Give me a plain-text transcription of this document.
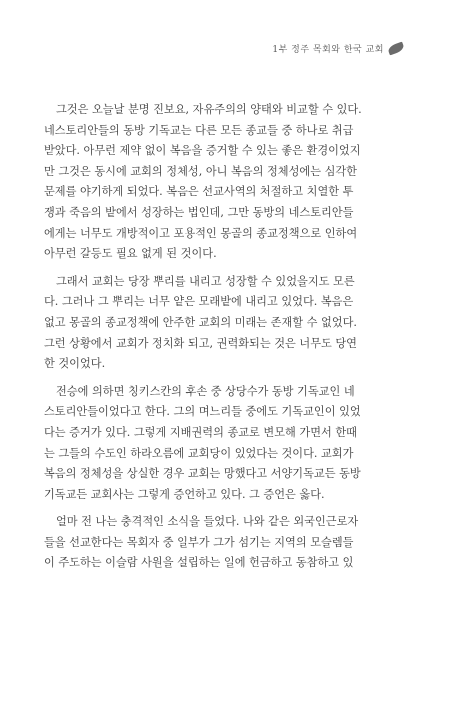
1부 정주 목회와 한국 교회
그것은 오늘날 분명 진보요, 자유주의의 양태와 비교할 수 있다.
네스토리안들의 동방 기독교는 다른 모든 종교들 중 하나로 취급
받았다. 아무런 제약 없이 복음을 증거할 수 있는 좋은 환경이었지
만 그것은 동시에 교회의 정체성, 아니 복음의 정체성에는 심각한
문제를 야기하게 되었다. 복음은 선교사역의 처절하고 치열한 투
쟁과 죽음의 밭에서 성장하는 법인데, 그만 동방의 네스토리안들
에게는 너무도 개방적이고 포용적인 몽골의 종교정책으로 인하여
아무런 갈등도 필요 없게 된 것이다.
그래서 교회는 당장 뿌리를 내리고 성장할 수 있었을지도 모른
다. 그러나 그 뿌리는 너무 얕은 모래밭에 내리고 있었다. 복음은
없고 몽골의 종교정책에 안주한 교회의 미래는 존재할 수 없었다.
그런 상황에서 교회가 정치화 되고, 권력화되는 것은 너무도 당연
한 것이었다.
전승에 의하면 칭키스칸의 후손 중 상당수가 동방 기독교인 네
스토리안들이었다고 한다. 그의 며느리들 중에도 기독교인이 있었
다는 증거가 있다. 그렇게 지배권력의 종교로 변모해 가면서 한때
는 그들의 수도인 하라오름에 교회당이 있었다는 것이다. 교회가
복음의 정체성을 상실한 경우 교회는 망했다고 서양기독교든 동방
기독교든 교회사는 그렇게 증언하고 있다. 그 증언은 옳다.
얼마 전 나는 충격적인 소식을 들었다. 나와 같은 외국인근로자
들을 선교한다는 목회자 중 일부가 그가 섬기는 지역의 모슬렘들
이 주도하는 이슬람 사원을 설립하는 일에 헌금하고 동참하고 있
